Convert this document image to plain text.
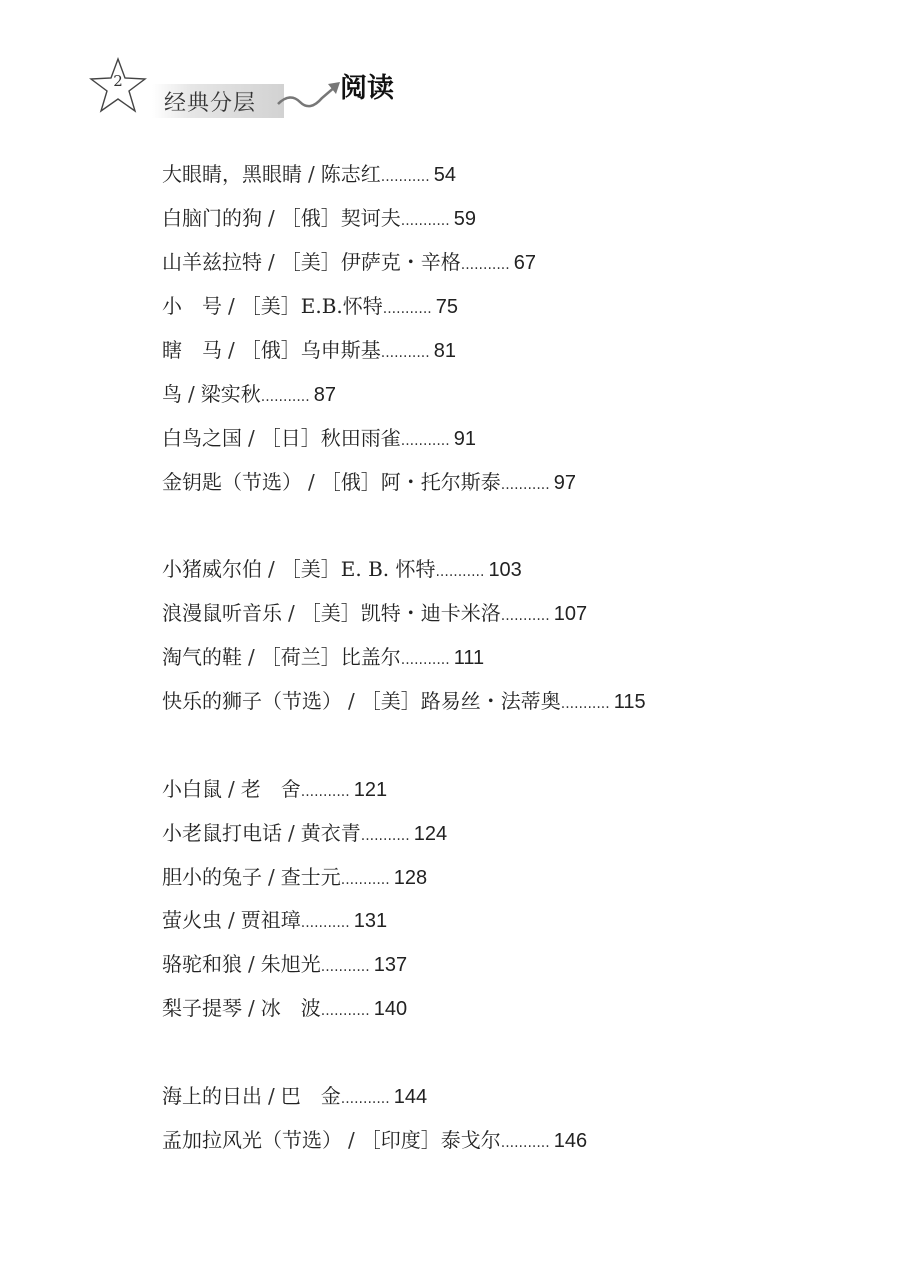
2
经典分层	阅读
大眼睛，黑眼睛 / 陈志红........... 54
白脑门的狗 / ［俄］契诃夫........... 59
山羊兹拉特 / ［美］伊萨克・辛格........... 67
小　号 / ［美］E.B.怀特........... 75
瞎　马 / ［俄］乌申斯基........... 81
鸟 / 梁实秋........... 87
白鸟之国 / ［日］秋田雨雀........... 91
金钥匙（节选） / ［俄］阿・托尔斯泰........... 97
小猪威尔伯 / ［美］E. B. 怀特........... 103
浪漫鼠听音乐 / ［美］凯特・迪卡米洛........... 107
淘气的鞋 / ［荷兰］比盖尔........... 111
快乐的狮子（节选） / ［美］路易丝・法蒂奥........... 115
小白鼠 / 老　舍........... 121
小老鼠打电话 / 黄衣青........... 124
胆小的兔子 / 查士元........... 128
萤火虫 / 贾祖璋........... 131
骆驼和狼 / 朱旭光........... 137
梨子提琴 / 冰　波........... 140
海上的日出 / 巴　金........... 144
孟加拉风光（节选） / ［印度］泰戈尔........... 146
